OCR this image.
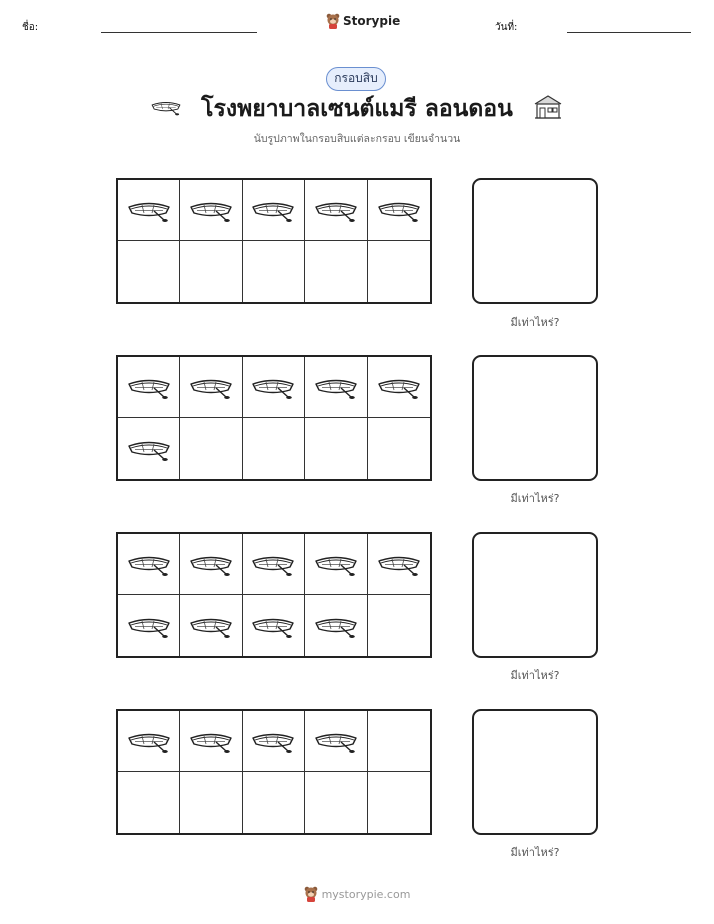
ชื่อ:	Storypie	วันที่:
กรอบสิบ
โรงพยาบาลเซนต์แมรี ลอนดอน
นับรูปภาพในกรอบสิบแต่ละกรอบ เขียนจำนวน
มีเท่าไหร่?
มีเท่าไหร่?
มีเท่าไหร่?
มีเท่าไหร่?
mystorypie.com
